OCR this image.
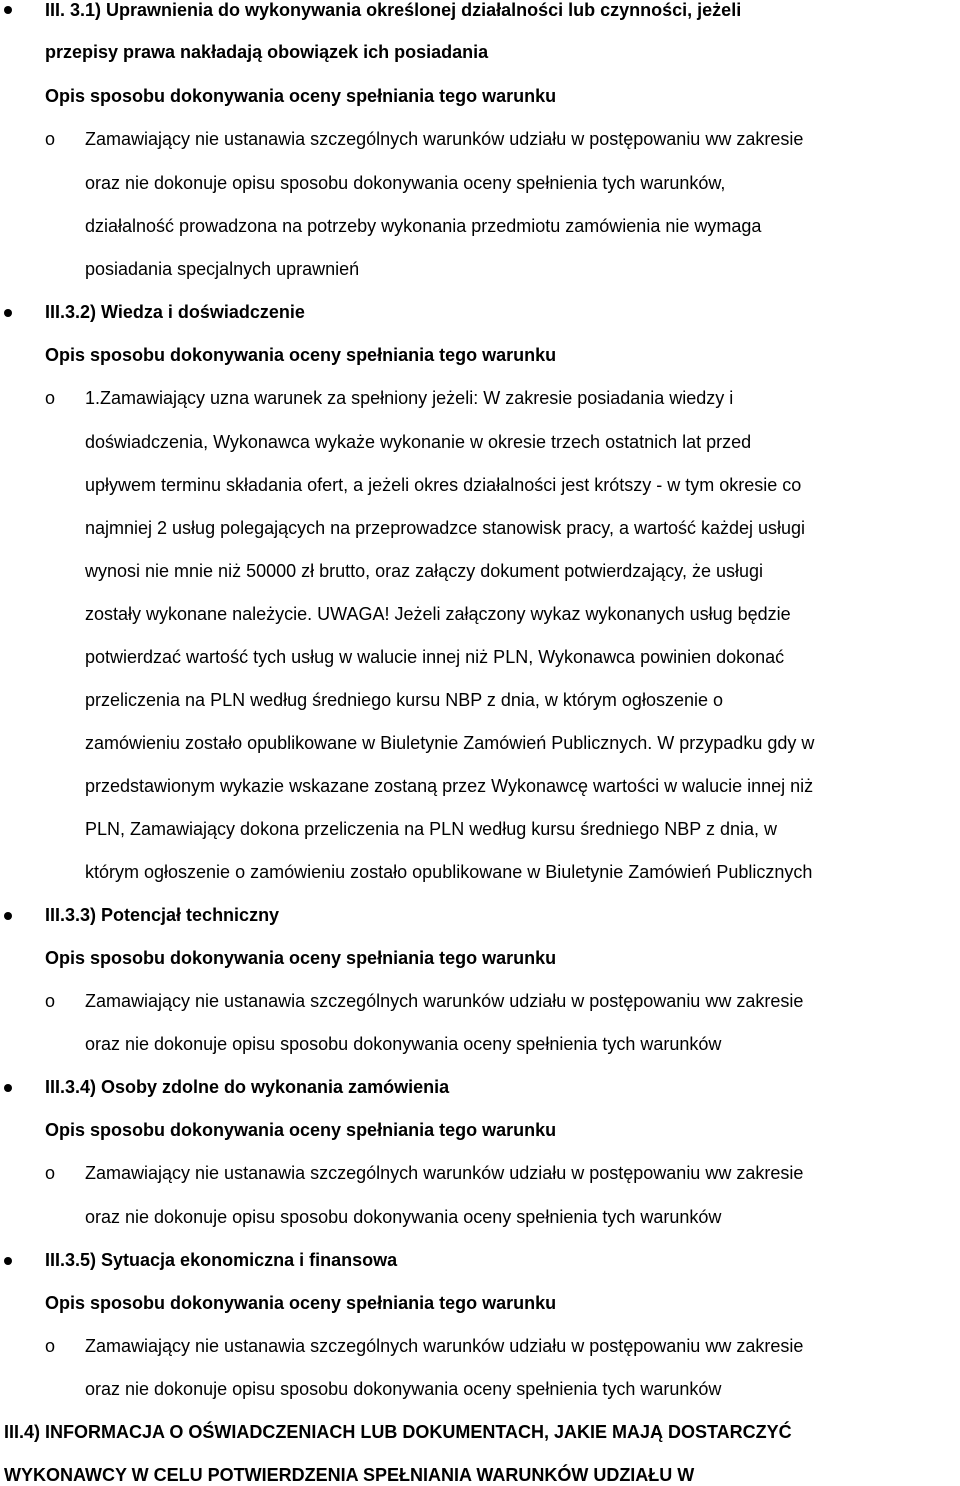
III. 3.1) Uprawnienia do wykonywania określonej działalności lub czynności, jeżeli
przepisy prawa nakładają obowiązek ich posiadania
Opis sposobu dokonywania oceny spełniania tego warunku
o Zamawiający nie ustanawia szczególnych warunków udziału w postępowaniu ww zakresie
oraz nie dokonuje opisu sposobu dokonywania oceny spełnienia tych warunków,
działalność prowadzona na potrzeby wykonania przedmiotu zamówienia nie wymaga
posiadania specjalnych uprawnień
III.3.2) Wiedza i doświadczenie
Opis sposobu dokonywania oceny spełniania tego warunku
o 1.Zamawiający uzna warunek za spełniony jeżeli: W zakresie posiadania wiedzy i
doświadczenia, Wykonawca wykaże wykonanie w okresie trzech ostatnich lat przed
upływem terminu składania ofert, a jeżeli okres działalności jest krótszy - w tym okresie co
najmniej 2 usług polegających na przeprowadzce stanowisk pracy, a wartość każdej usługi
wynosi nie mnie niż 50000 zł brutto, oraz załączy dokument potwierdzający, że usługi
zostały wykonane należycie. UWAGA! Jeżeli załączony wykaz wykonanych usług będzie
potwierdzać wartość tych usług w walucie innej niż PLN, Wykonawca powinien dokonać
przeliczenia na PLN według średniego kursu NBP z dnia, w którym ogłoszenie o
zamówieniu zostało opublikowane w Biuletynie Zamówień Publicznych. W przypadku gdy w
przedstawionym wykazie wskazane zostaną przez Wykonawcę wartości w walucie innej niż
PLN, Zamawiający dokona przeliczenia na PLN według kursu średniego NBP z dnia, w
którym ogłoszenie o zamówieniu zostało opublikowane w Biuletynie Zamówień Publicznych
III.3.3) Potencjał techniczny
Opis sposobu dokonywania oceny spełniania tego warunku
o Zamawiający nie ustanawia szczególnych warunków udziału w postępowaniu ww zakresie
oraz nie dokonuje opisu sposobu dokonywania oceny spełnienia tych warunków
III.3.4) Osoby zdolne do wykonania zamówienia
Opis sposobu dokonywania oceny spełniania tego warunku
o Zamawiający nie ustanawia szczególnych warunków udziału w postępowaniu ww zakresie
oraz nie dokonuje opisu sposobu dokonywania oceny spełnienia tych warunków
III.3.5) Sytuacja ekonomiczna i finansowa
Opis sposobu dokonywania oceny spełniania tego warunku
o Zamawiający nie ustanawia szczególnych warunków udziału w postępowaniu ww zakresie
oraz nie dokonuje opisu sposobu dokonywania oceny spełnienia tych warunków
III.4) INFORMACJA O OŚWIADCZENIACH LUB DOKUMENTACH, JAKIE MAJĄ DOSTARCZYĆ
WYKONAWCY W CELU POTWIERDZENIA SPEŁNIANIA WARUNKÓW UDZIAŁU W
